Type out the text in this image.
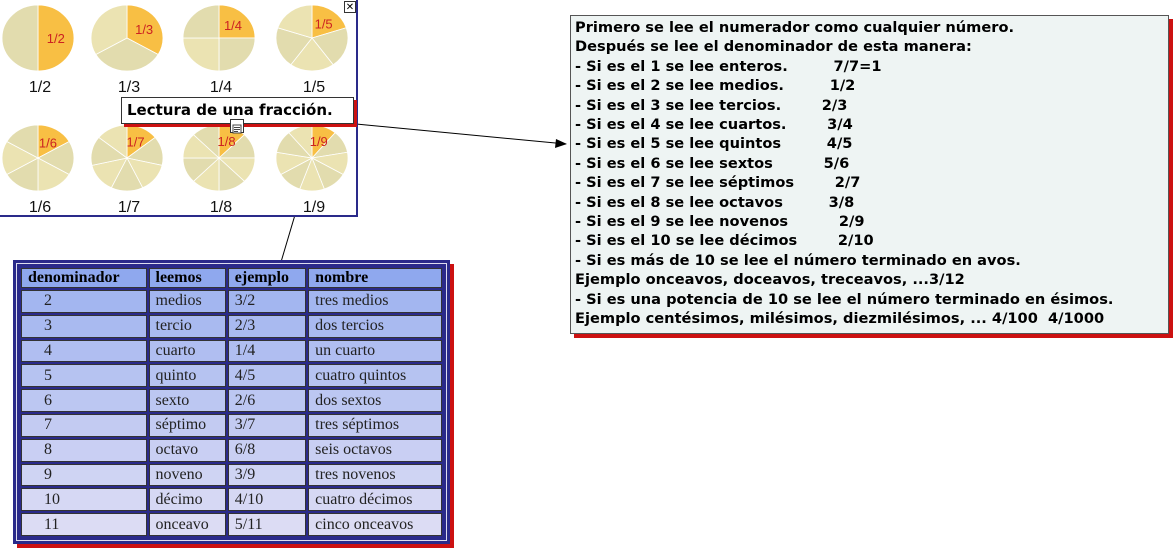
1/2
1/2
1/3
1/3
1/4
1/4
1/5
1/5
1/6
1/6
1/7
1/7
1/8
1/8
1/9
1/9
✕
Lectura de una fracción.
Primero se lee el numerador como cualquier número.
Después se lee el denominador de esta manera:
- Si es el 1 se lee enteros.         7/7=1
- Si es el 2 se lee medios.         1/2
- Si es el 3 se lee tercios.        2/3
- Si es el 4 se lee cuartos.        3/4
- Si es el 5 se lee quintos         4/5
- Si es el 6 se lee sextos          5/6
- Si es el 7 se lee séptimos        2/7
- Si es el 8 se lee octavos         3/8
- Si es el 9 se lee novenos          2/9
- Si es el 10 se lee décimos        2/10
- Si es más de 10 se lee el número terminado en avos.
Ejemplo onceavos, doceavos, treceavos, ...3/12
- Si es una potencia de 10 se lee el número terminado en ésimos.
Ejemplo centésimos, milésimos, diezmilésimos, ... 4/100  4/1000
denominador	leemos	ejemplo	nombre
2	medios	3/2	tres medios
3	tercio	2/3	dos tercios
4	cuarto	1/4	un cuarto
5	quinto	4/5	cuatro quintos
6	sexto	2/6	dos sextos
7	séptimo	3/7	tres séptimos
8	octavo	6/8	seis octavos
9	noveno	3/9	tres novenos
10	décimo	4/10	cuatro décimos
11	onceavo	5/11	cinco onceavos
